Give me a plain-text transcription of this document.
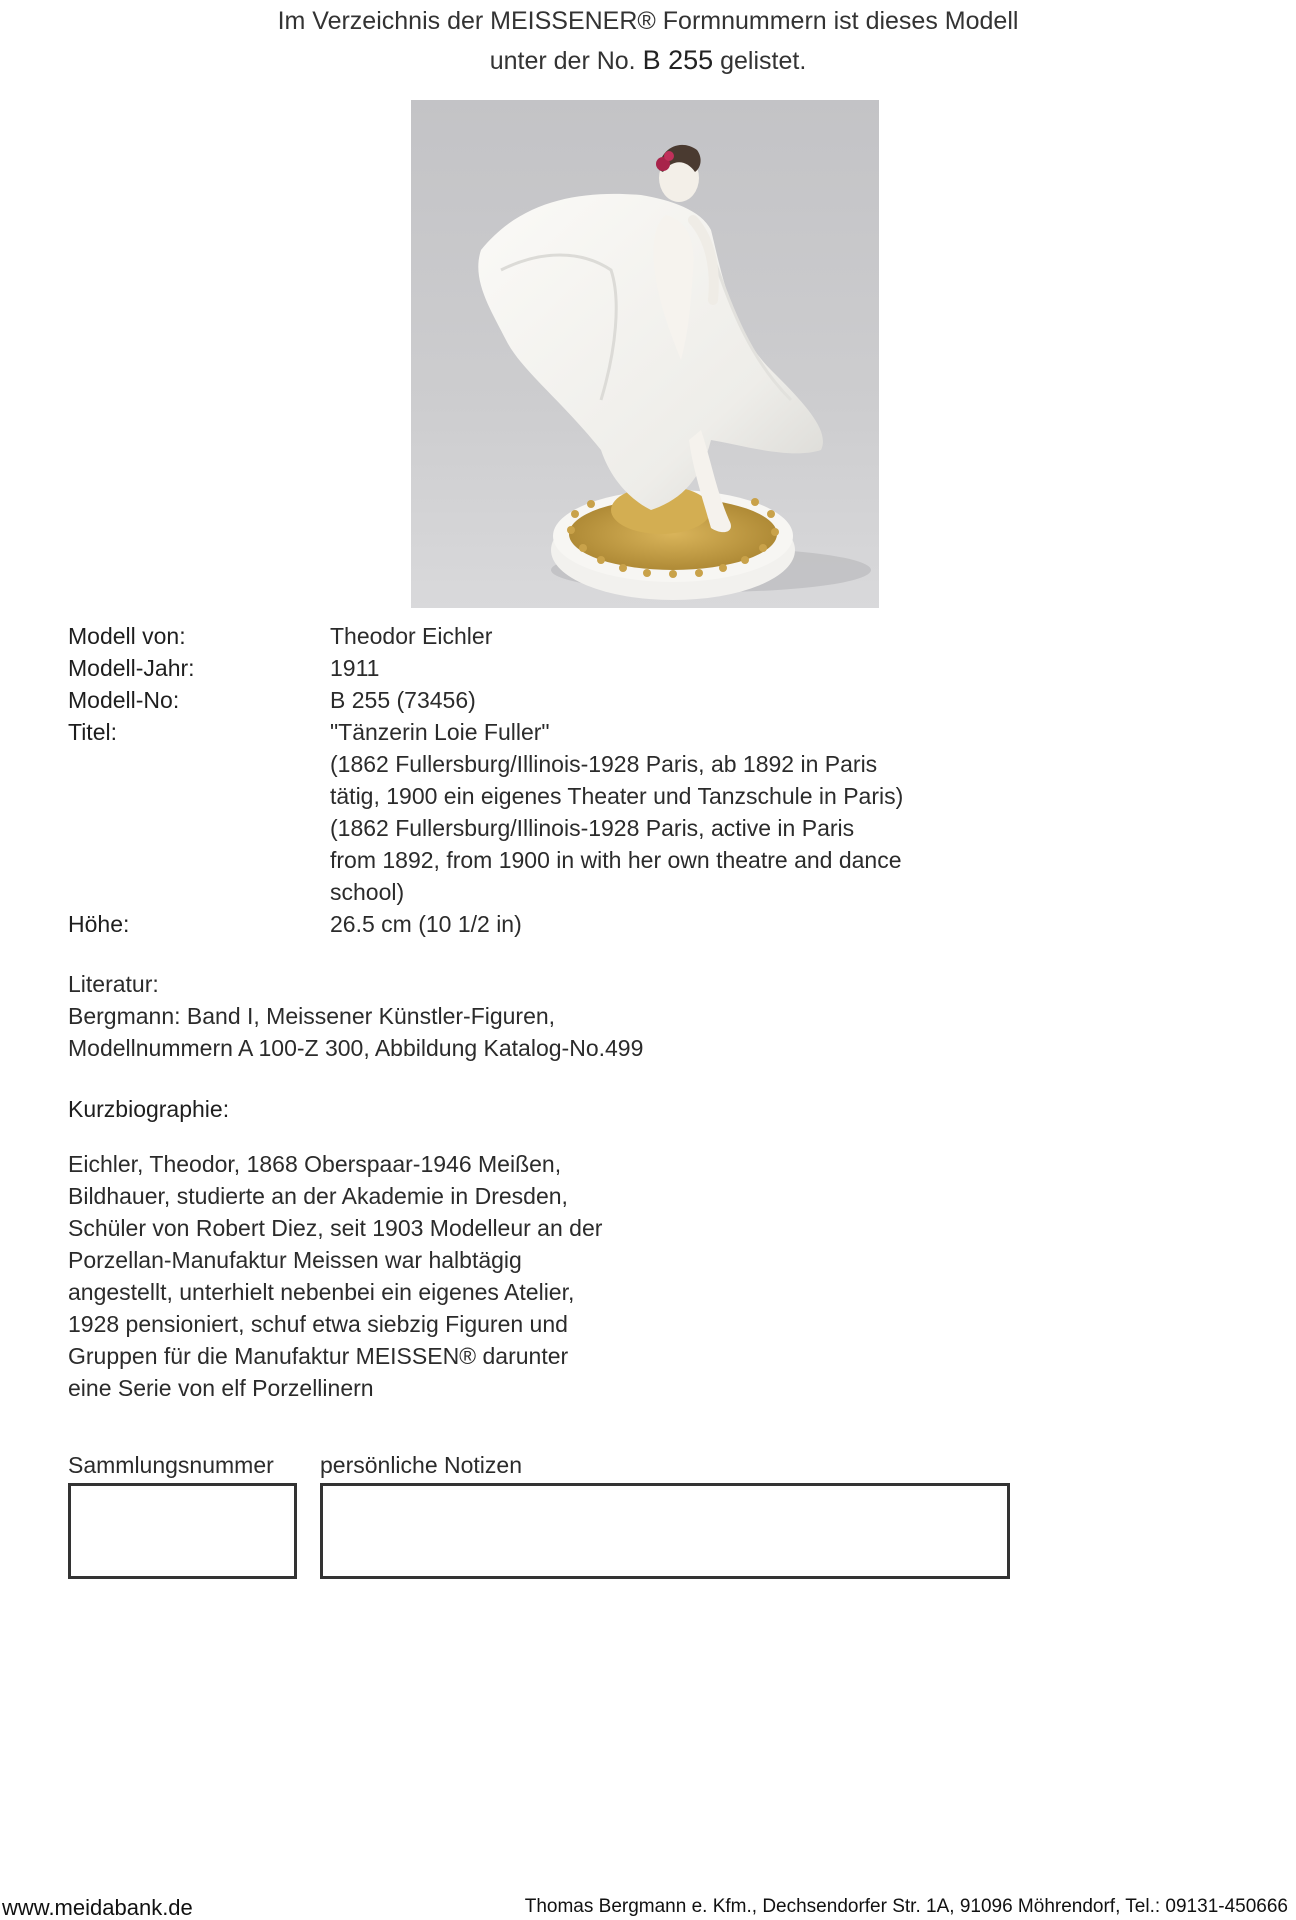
Im Verzeichnis der MEISSENER® Formnummern ist dieses Modell
unter der No. B 255 gelistet.
Modell von:	Theodor Eichler
Modell-Jahr:	1911
Modell-No:	B 255 (73456)
Titel:	"Tänzerin Loie Fuller"
(1862 Fullersburg/Illinois-1928 Paris, ab 1892 in Paris
tätig, 1900 ein eigenes Theater und Tanzschule in Paris)
(1862 Fullersburg/Illinois-1928 Paris, active in Paris
from 1892, from 1900 in with her own theatre and dance
school)
Höhe:	26.5 cm (10 1/2 in)
Literatur:
Bergmann: Band I, Meissener Künstler-Figuren,
Modellnummern A 100-Z 300, Abbildung Katalog-No.499
Kurzbiographie:
Eichler, Theodor, 1868 Oberspaar-1946 Meißen,
Bildhauer, studierte an der Akademie in Dresden,
Schüler von Robert Diez, seit 1903 Modelleur an der
Porzellan-Manufaktur Meissen war halbtägig
angestellt, unterhielt nebenbei ein eigenes Atelier,
1928 pensioniert, schuf etwa siebzig Figuren und
Gruppen für die Manufaktur MEISSEN® darunter
eine Serie von elf Porzellinern
Sammlungsnummer persönliche Notizen
www.meidabank.de	Thomas Bergmann e. Kfm., Dechsendorfer Str. 1A, 91096 Möhrendorf, Tel.: 09131-450666
